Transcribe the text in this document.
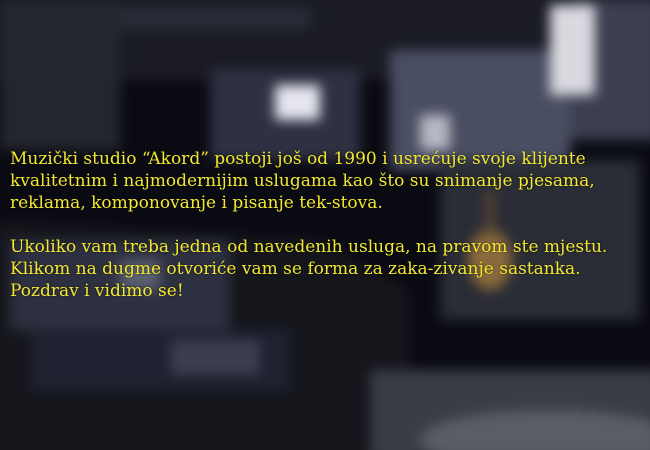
Muzički studio “Akord” postoji još od 1990 i usrećuje svoje klijente kvalitetnim i najmodernijim uslugama kao što su snimanje pjesama, reklama, komponovanje i pisanje tek-stova.

Ukoliko vam treba jedna od navedenih usluga, na pravom ste mjestu. Klikom na dugme otvoriće vam se forma za zaka-zivanje sastanka.

Pozdrav i vidimo se!
